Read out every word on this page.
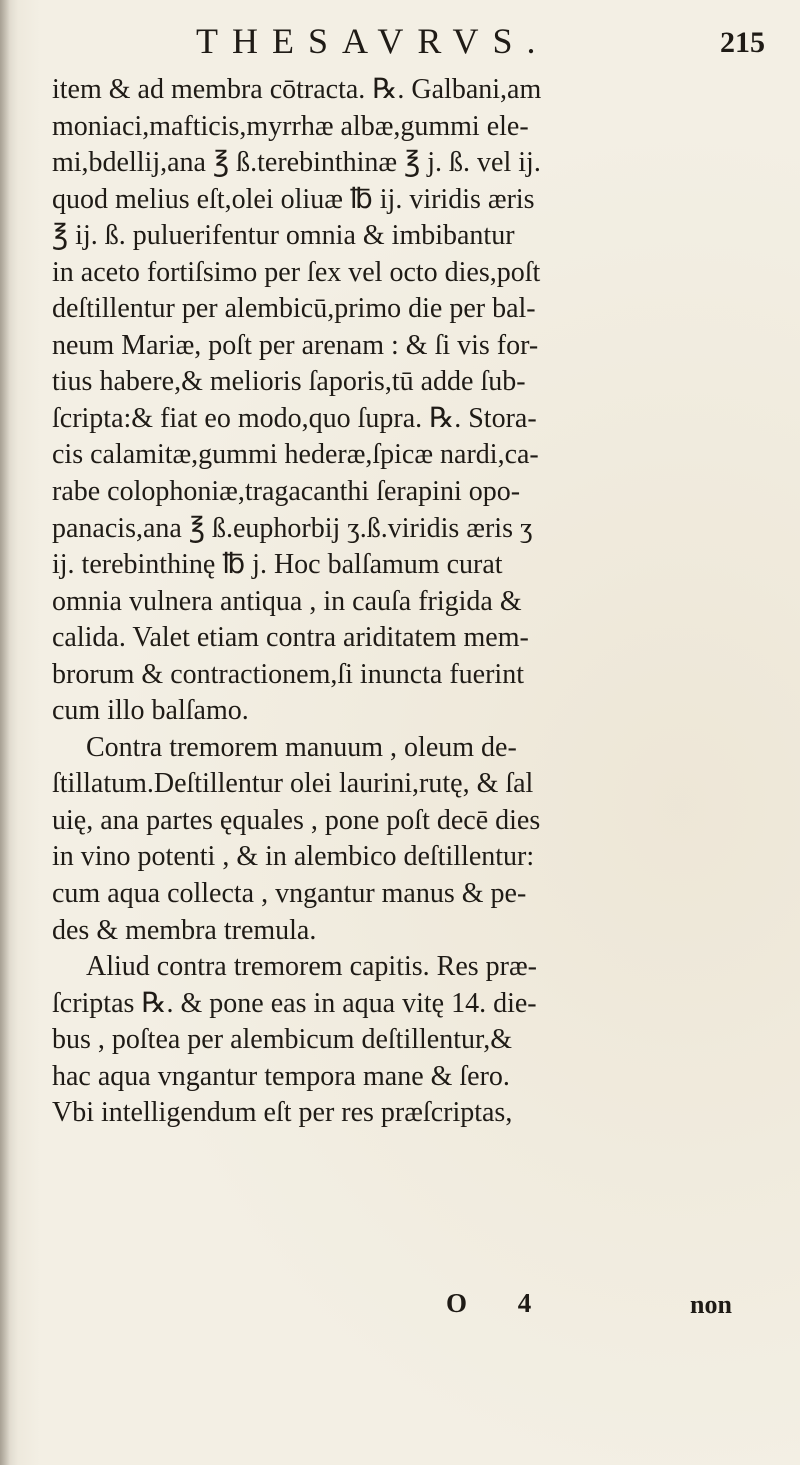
THESAVRVS.	215
item & ad membra cōtracta. ℞. Galbani,am
moniaci,mafticis,myrrhæ albæ,gummi ele-
mi,bdellij,ana ℥ ß.terebinthinæ ℥ j. ß. vel ij.
quod melius eſt,olei oliuæ ℔ ij. viridis æris
℥ ij. ß. puluerifentur omnia & imbibantur
in aceto fortiſsimo per ſex vel octo dies,poſt
deſtillentur per alembicū,primo die per bal-
neum Mariæ, poſt per arenam : & ſi vis for-
tius habere,& melioris ſaporis,tū adde ſub-
ſcripta:& fiat eo modo,quo ſupra. ℞. Stora-
cis calamitæ,gummi hederæ,ſpicæ nardi,ca-
rabe colophoniæ,tragacanthi ſerapini opo-
panacis,ana ℥ ß.euphorbij ʒ.ß.viridis æris ʒ
ij. terebinthinę ℔ j. Hoc balſamum curat
omnia vulnera antiqua , in cauſa frigida &
calida. Valet etiam contra ariditatem mem-
brorum & contractionem,ſi inuncta fuerint
cum illo balſamo.
Contra tremorem manuum , oleum de-
ſtillatum.Deſtillentur olei laurini,rutę, & ſal
uię, ana partes ęquales , pone poſt decē dies
in vino potenti , & in alembico deſtillentur:
cum aqua collecta , vngantur manus & pe-
des & membra tremula.
Aliud contra tremorem capitis. Res præ-
ſcriptas ℞. & pone eas in aqua vitę 14. die-
bus , poſtea per alembicum deſtillentur,&
hac aqua vngantur tempora mane & ſero.
Vbi intelligendum eſt per res præſcriptas,
O 4	non
